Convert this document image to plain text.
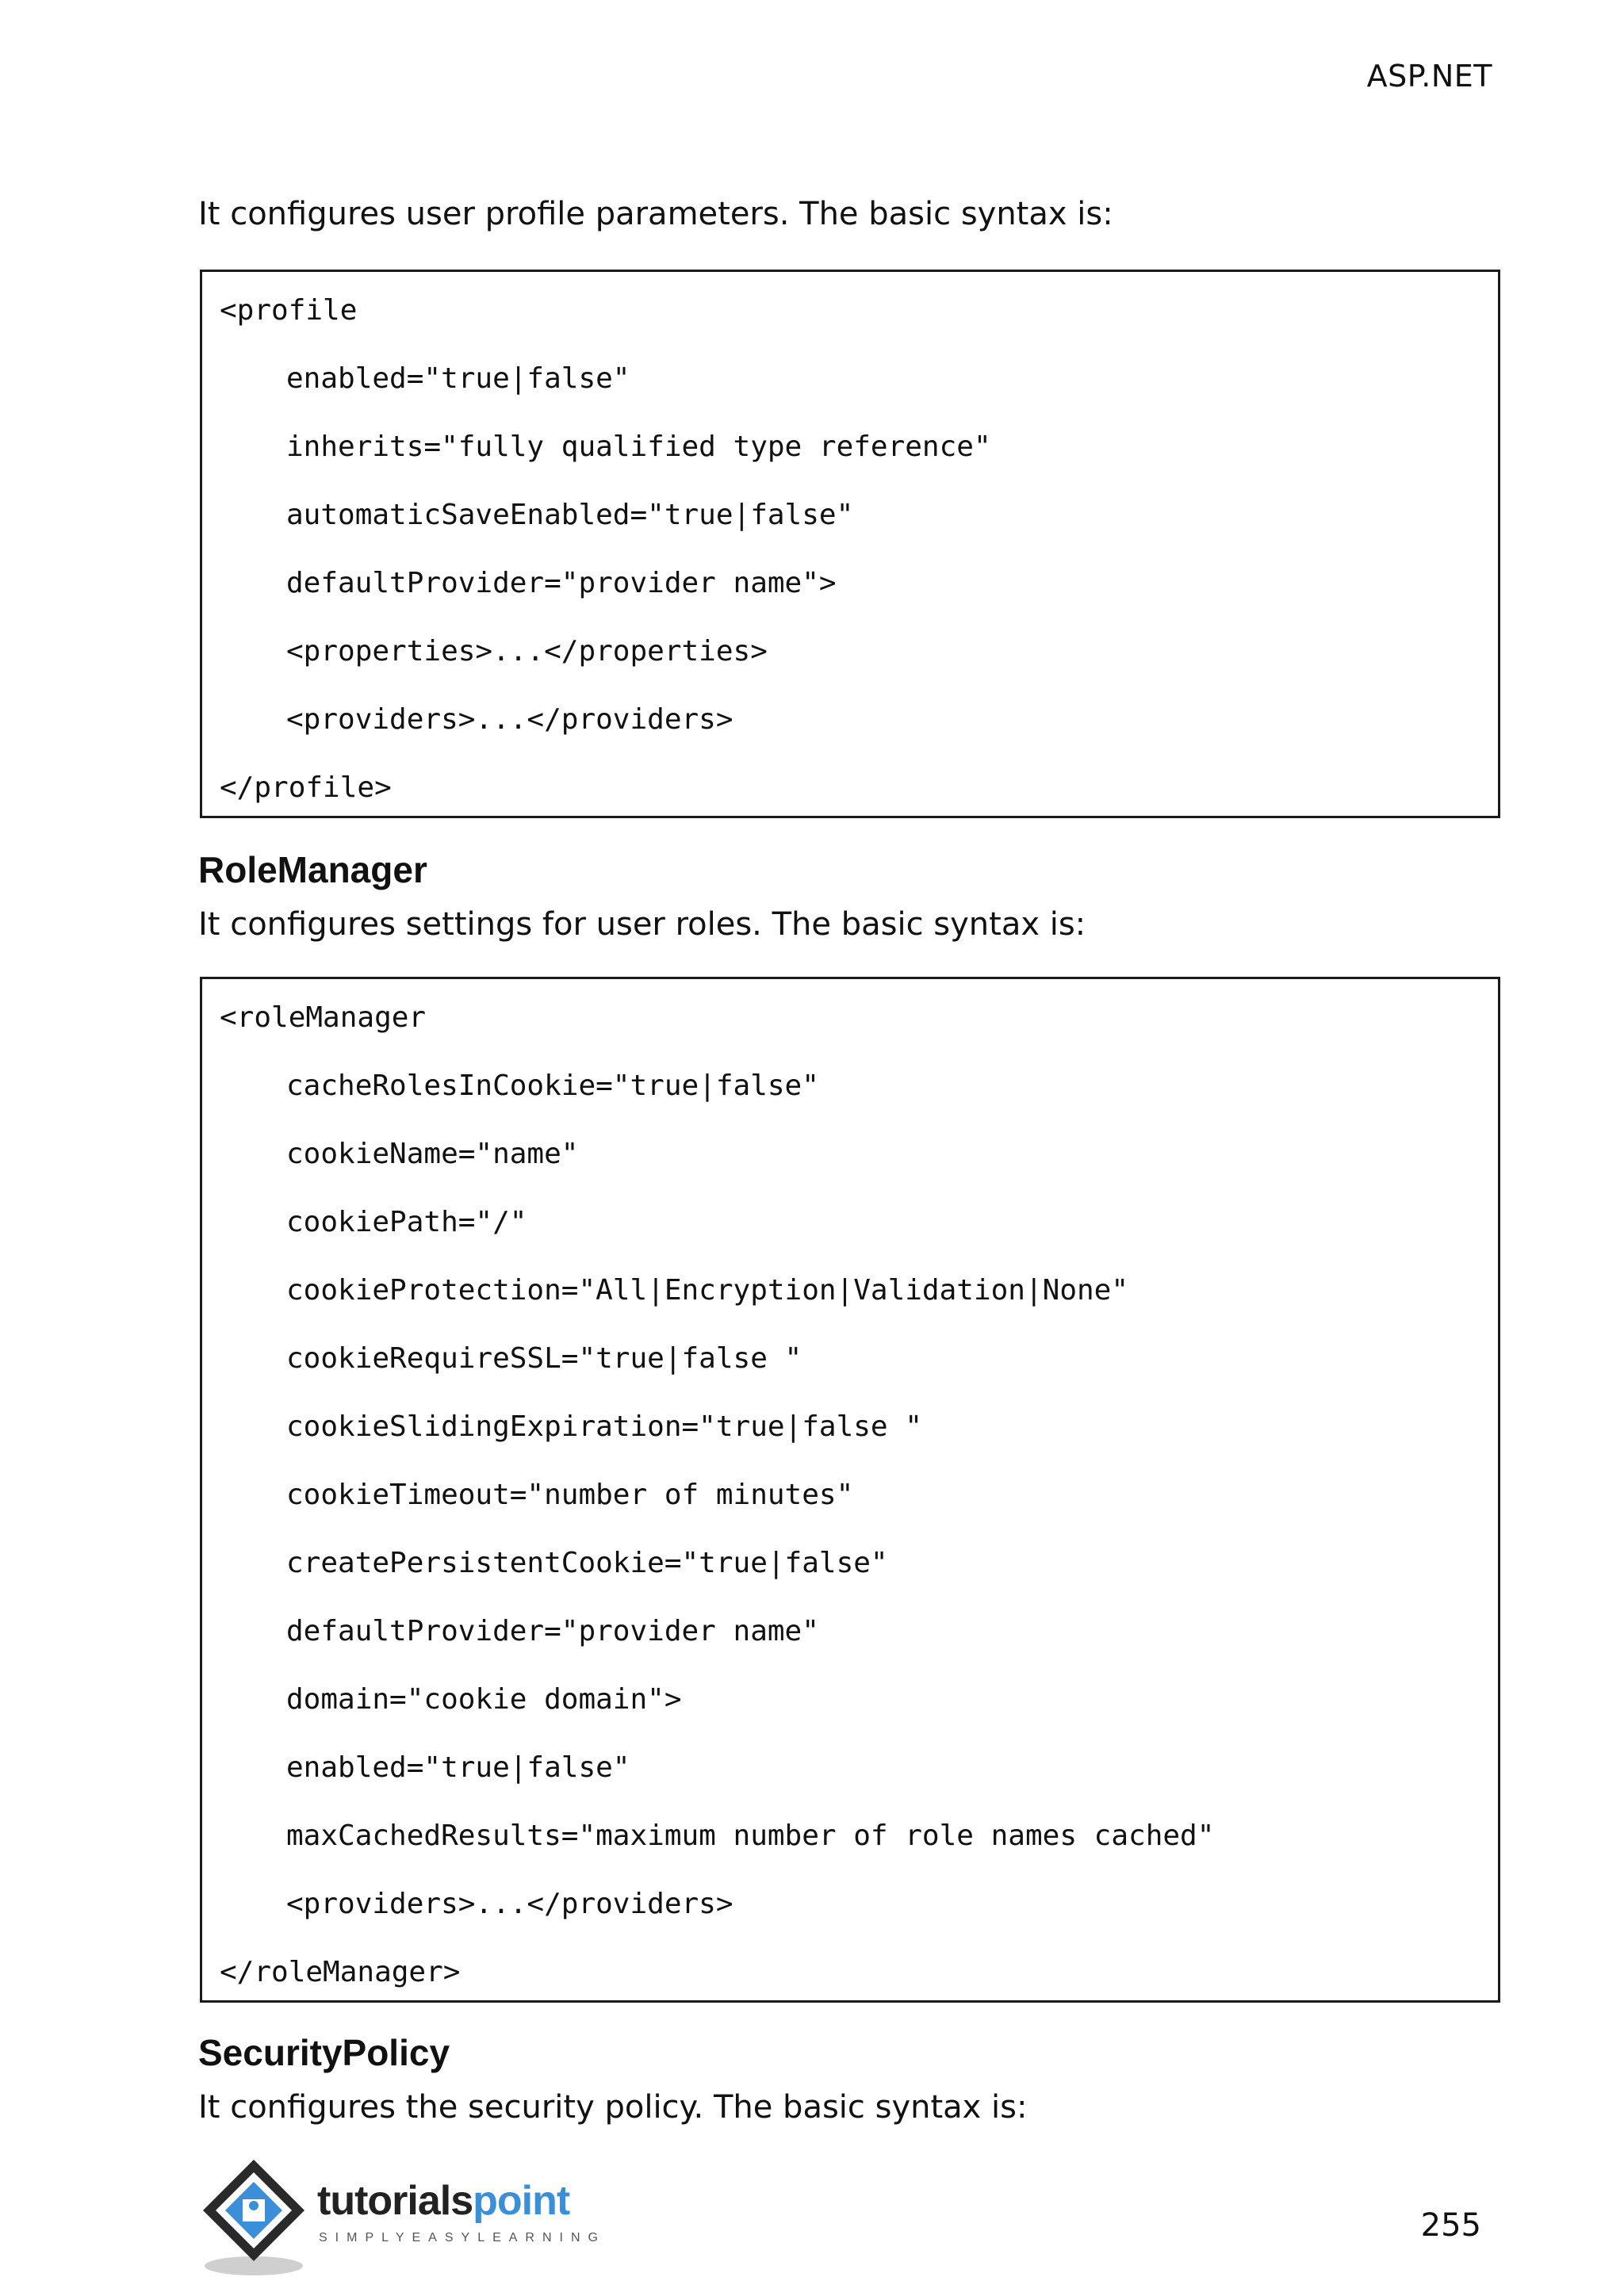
ASP.NET

It configures user profile parameters. The basic syntax is:

<profile
enabled="true|false"
inherits="fully qualified type reference"
automaticSaveEnabled="true|false"
defaultProvider="provider name">
<properties>...</properties>
<providers>...</providers>
</profile>
RoleManager

It configures settings for user roles. The basic syntax is:

<roleManager
cacheRolesInCookie="true|false"
cookieName="name"
cookiePath="/"
cookieProtection="All|Encryption|Validation|None"
cookieRequireSSL="true|false "
cookieSlidingExpiration="true|false "
cookieTimeout="number of minutes"
createPersistentCookie="true|false"
defaultProvider="provider name"
domain="cookie domain">
enabled="true|false"
maxCachedResults="maximum number of role names cached"
<providers>...</providers>
</roleManager>
SecurityPolicy

It configures the security policy. The basic syntax is:

tutorialspoint
SIMPLYEASYLEARNING	255
